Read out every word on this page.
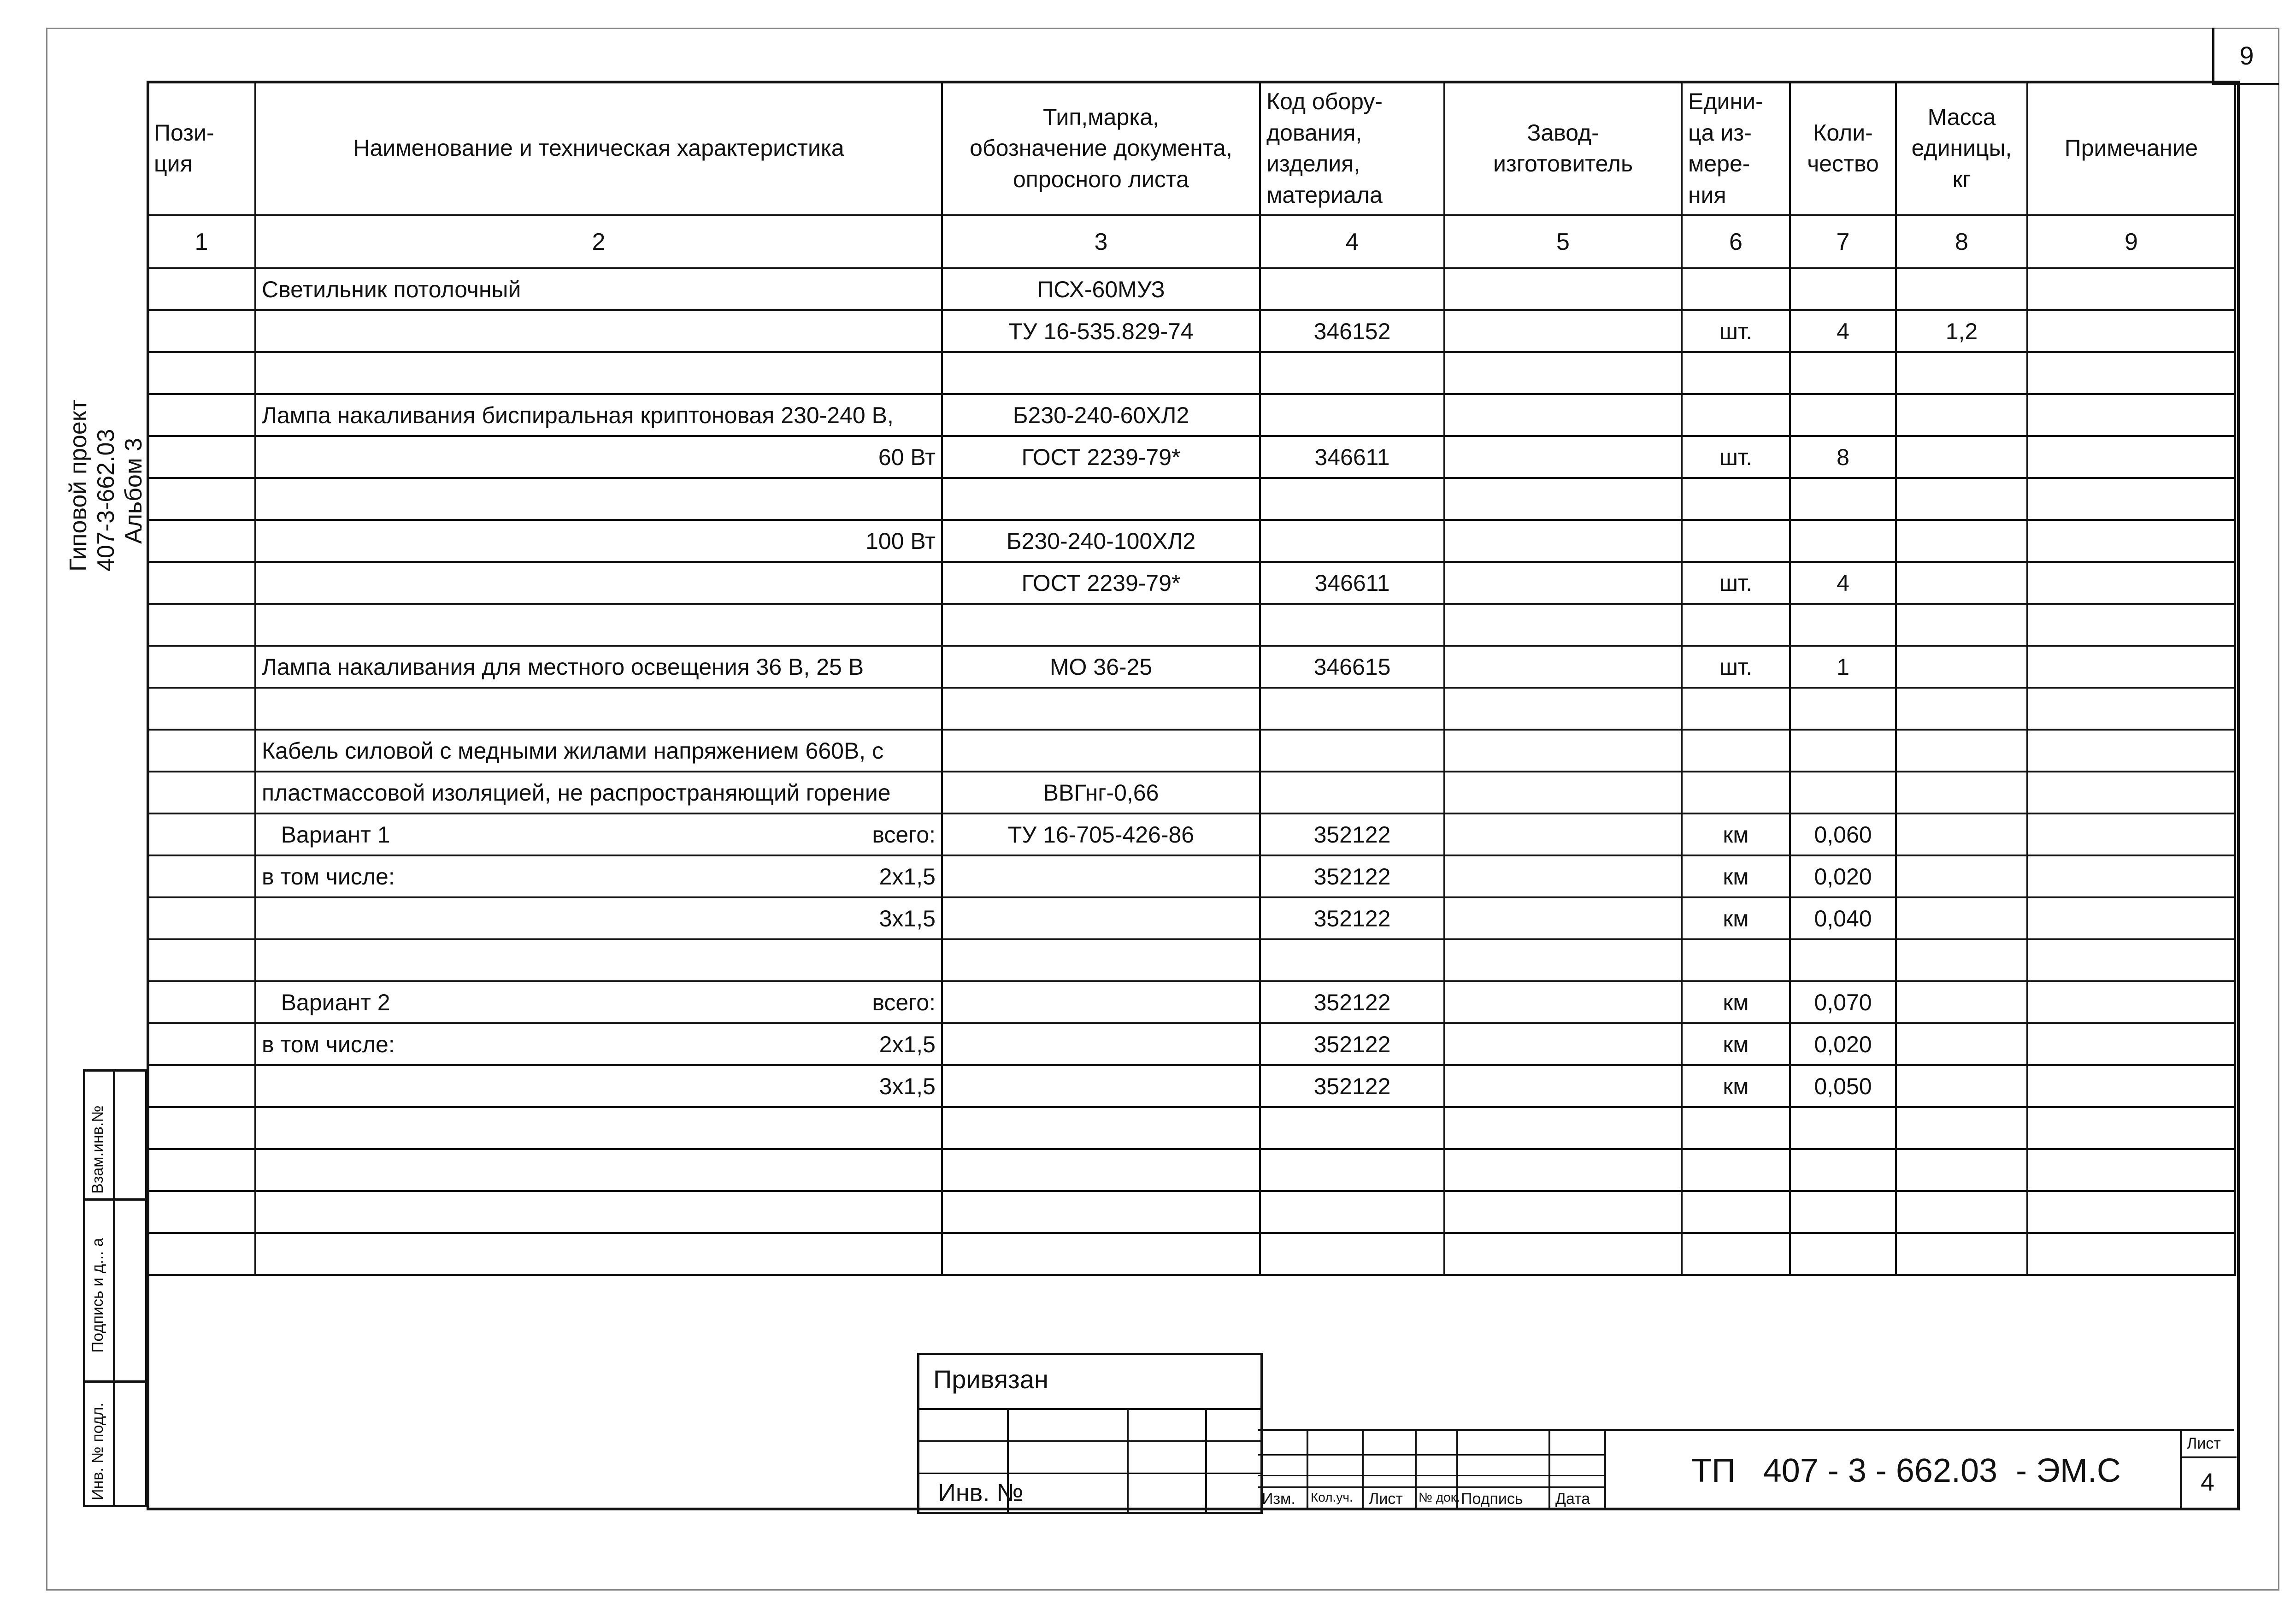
9
Гиповой проект 407-3-662.03 Альбом 3
Взам.инв.№
Подпись и д... а
Инв. № подл.
Пози-
ция	Наименование и техническая характеристика	Тип,марка,
обозначение документа,
опросного листа	Код обору-
дования,
изделия,
материала	Завод-
изготовитель	Едини-
ца из-
мере-
ния	Коли-
чество	Масса
единицы,
кг	Примечание
1	2	3	4	5	6	7	8	9
	Светильник потолочный	ПСХ-60МУЗ						
		ТУ 16-535.829-74	346152		шт.	4	1,2	

	Лампа накаливания биспиральная криптоновая 230-240 В,	Б230-240-60ХЛ2						
	60 Вт	ГОСТ 2239-79*	346611		шт.	8		

	100 Вт	Б230-240-100ХЛ2						
		ГОСТ 2239-79*	346611		шт.	4		

	Лампа накаливания для местного освещения 36 В, 25 В	МО 36-25	346615		шт.	1		

	Кабель силовой с медными жилами напряжением 660В, с							
	пластмассовой изоляцией, не распространяющий горение	ВВГнг-0,66						

	Вариант 1 всего:	ТУ 16-705-426-86	352122		км	0,060		

	в том числе: 2х1,5		352122		км	0,020		
	3х1,5		352122		км	0,040		

	Вариант 2 всего:		352122		км	0,070		

	в том числе: 2х1,5		352122		км	0,020		
	3х1,5		352122		км	0,050		

Привязан
Инв. №	Изм. Кол.уч. Лист № док. Подпись Дата
ТП   407 - 3 - 662.03  - ЭМ.С
Лист
4
